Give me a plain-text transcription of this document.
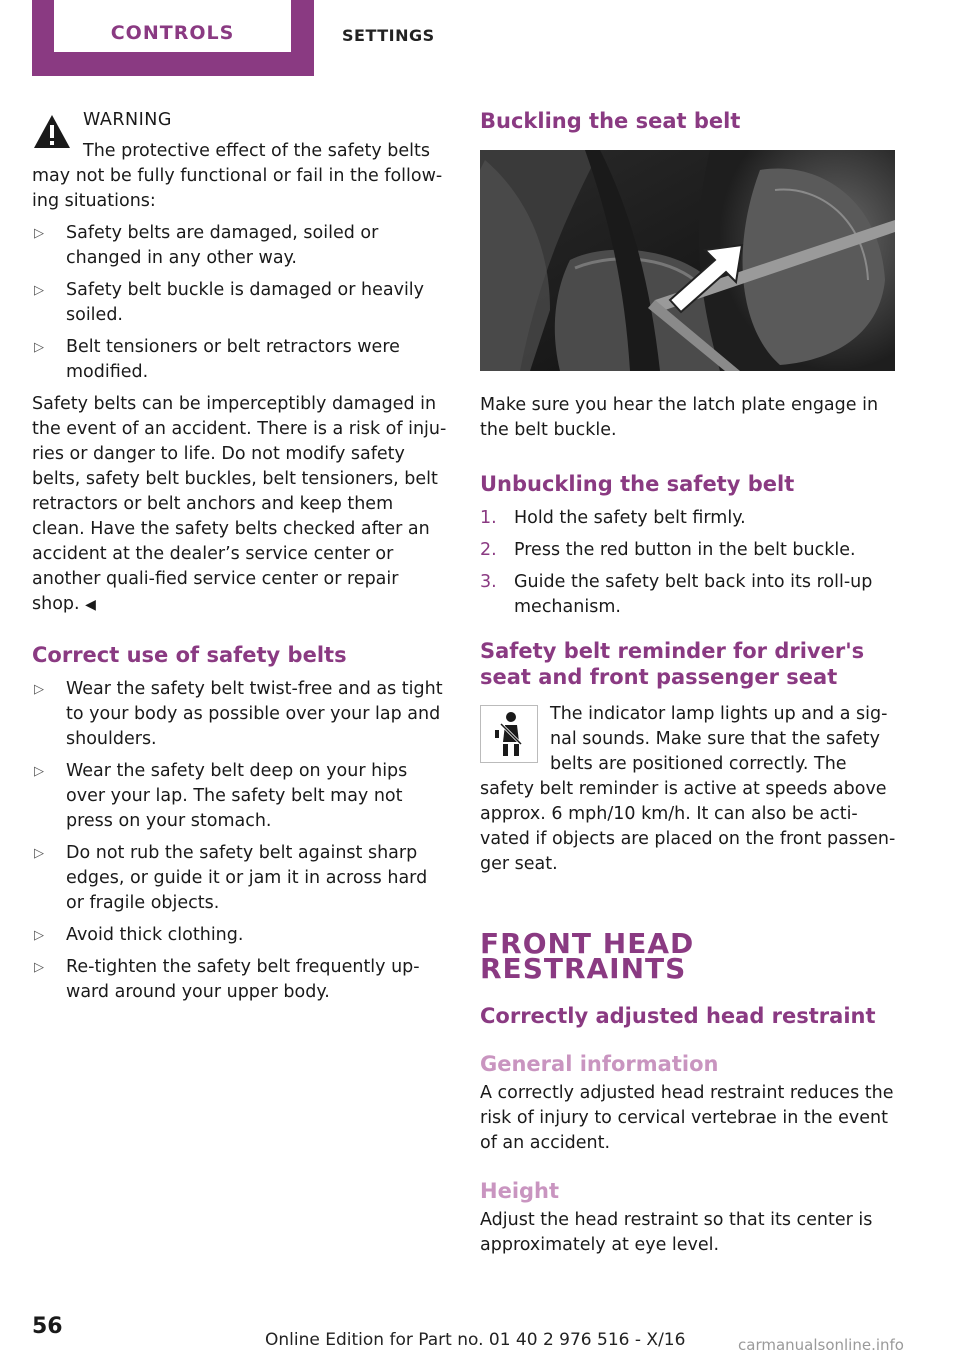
CONTROLS	SETTINGS
WARNING

The protective effect of the safety belts may not be fully functional or fail in the follow‐ing situations:

▷ Safety belts are damaged, soiled or changed in any other way.
▷ Safety belt buckle is damaged or heavily soiled.
▷ Belt tensioners or belt retractors were modified.

Safety belts can be imperceptibly damaged in the event of an accident. There is a risk of inju‐ries or danger to life. Do not modify safety belts, safety belt buckles, belt tensioners, belt retractors or belt anchors and keep them clean. Have the safety belts checked after an accident at the dealer’s service center or another quali‐fied service center or repair shop. ◀

Correct use of safety belts
▷ Wear the safety belt twist-free and as tight to your body as possible over your lap and shoulders.
▷ Wear the safety belt deep on your hips over your lap. The safety belt may not press on your stomach.
▷ Do not rub the safety belt against sharp edges, or guide it or jam it in across hard or fragile objects.
▷ Avoid thick clothing.
▷ Re-tighten the safety belt frequently up‐ward around your upper body.
Buckling the seat belt

Make sure you hear the latch plate engage in the belt buckle.

Unbuckling the safety belt
1. Hold the safety belt firmly.
2. Press the red button in the belt buckle.
3. Guide the safety belt back into its roll-up mechanism.
Safety belt reminder for driver's seat and front passenger seat

The indicator lamp lights up and a sig‐nal sounds. Make sure that the safety belts are positioned correctly. The safety belt reminder is active at speeds above approx. 6 mph/10 km/h. It can also be acti‐vated if objects are placed on the front passen‐ger seat.

FRONT HEAD RESTRAINTS
Correctly adjusted head restraint
General information

A correctly adjusted head restraint reduces the risk of injury to cervical vertebrae in the event of an accident.

Height

Adjust the head restraint so that its center is approximately at eye level.

56
Online Edition for Part no. 01 40 2 976 516 - X/16	carmanualsonline.info
